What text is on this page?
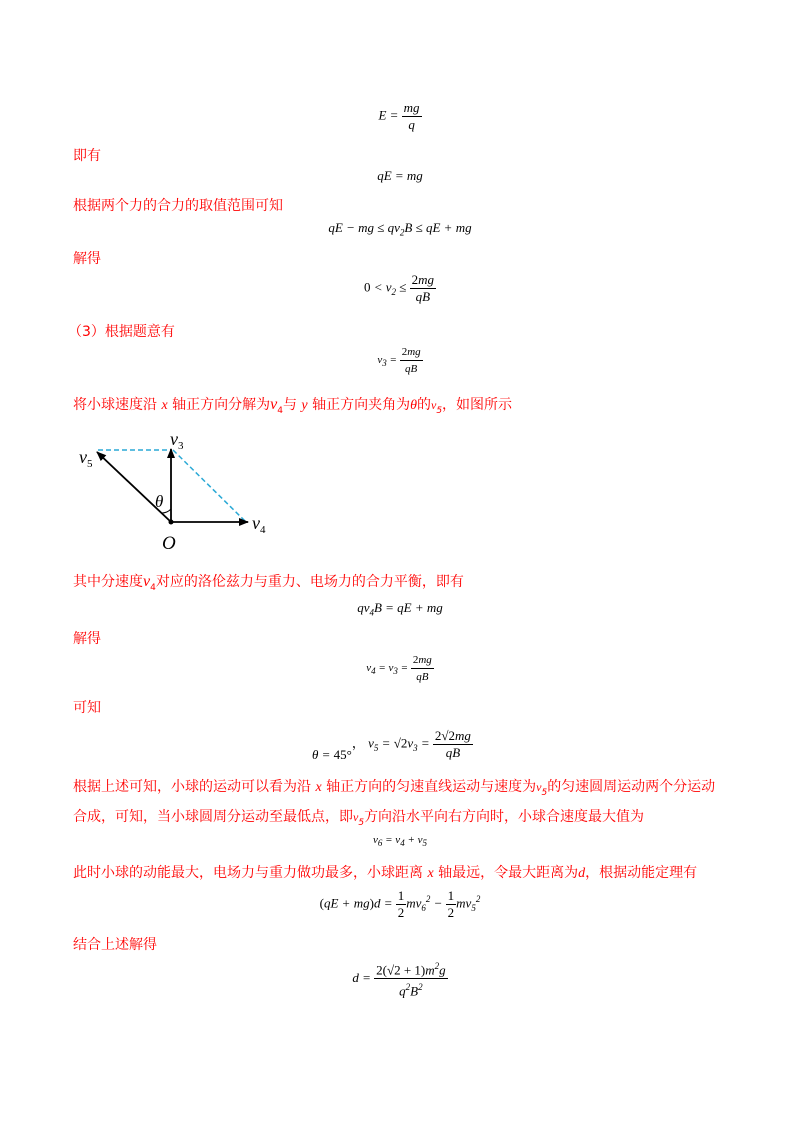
$E = \frac{mg}{q}$
即有
qE = mg
根据两个力的合力的取值范围可知
qE − mg ≤ $qv_2B$ ≤ qE + mg
解得
$0 < v_2 \le \frac{2mg}{qB}$
（3）根据题意有
$v_3 = \frac{2mg}{qB}$
将小球速度沿 x 轴正方向分解为$v_4$与 y 轴正方向夹角为θ的$v_5$，如图所示
$v_3$
$v_4$
$v_5$
θ
O
其中分速度$v_4$对应的洛伦兹力与重力、电场力的合力平衡，即有
$qv_4B$ = qE + mg
解得
$v_4 = v_3 = \frac{2mg}{qB}$
可知
θ = 45°， $v_5 = √2v_3 = \frac{2√2mg}{qB}$
根据上述可知，小球的运动可以看为沿 x 轴正方向的匀速直线运动与速度为$v_5$的匀速圆周运动两个分运动
合成，可知，当小球圆周分运动至最低点，即$v_5$方向沿水平向右方向时，小球合速度最大值为
$v_6 = v_4 + v_5$
此时小球的动能最大，电场力与重力做功最多，小球距离 x 轴最远，令最大距离为d，根据动能定理有
$(qE + mg)d = \frac{1}{2} mv_6^2 - \frac{1}{2} mv_5^2$
结合上述解得
$d = \frac{2(√2 + 1)m^2g}{q^2B^2}$
